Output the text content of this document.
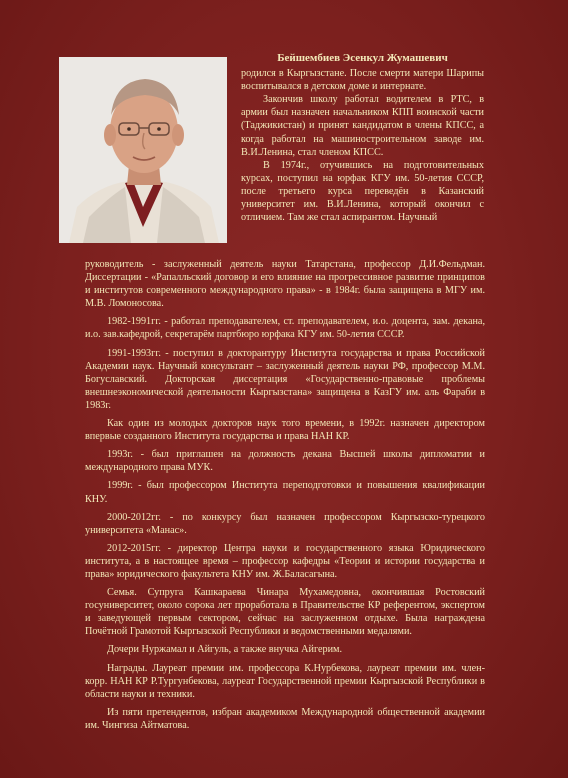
Бейшембиев Эсенкул Жумашевич

родился в Кыргызстане. После смерти матери Шарипы воспитывался в детском доме и интернате.

Закончив школу работал водителем в РТС, в армии был назначен начальником КПП воинской части (Таджикистан) и принят кандидатом в члены КПСС, а когда работал на машиностроительном заводе им. В.И.Ленина, стал членом КПСС.

В 1974г., отучившись на подготовительных курсах, поступил на юрфак КГУ им. 50-летия СССР, после третьего курса переведён в Казанский университет им. В.И.Ленина, который окончил с отличием. Там же стал аспирантом. Научный

руководитель - заслуженный деятель науки Татарстана, профессор Д.И.Фельдман. Диссертации - «Рапалльский договор и его влияние на прогрессивное развитие принципов и институтов современного международного права» - в 1984г. была защищена в МГУ им. М.В. Ломоносова.

1982-1991гг. - работал преподавателем, ст. преподавателем, и.о. доцента, зам. декана, и.о. зав.кафедрой, секретарём партбюро юрфака КГУ им. 50-летия СССР.

1991-1993гг. - поступил в докторантуру Института государства и права Российской Академии наук. Научный консультант – заслуженный деятель науки РФ, профессор М.М. Богуславский. Докторская диссертация «Государственно-правовые проблемы внешнеэкономической деятельности Кыргызстана» защищена в КазГУ им. аль Фараби в 1983г.

Как один из молодых докторов наук того времени, в 1992г. назначен директором впервые созданного Института государства и права НАН КР.

1993г. - был приглашен на должность декана Высшей школы дипломатии и международного права МУК.

1999г. - был профессором Института переподготовки и повышения квалификации КНУ.

2000-2012гг. - по конкурсу был назначен профессором Кыргызско-турецкого университета «Манас».

2012-2015гг. - директор Центра науки и государственного языка Юридического института, а в настоящее время – профессор кафедры «Теории и истории государства и права» юридического факультета КНУ им. Ж.Баласагына.

Семья. Супруга Кашкараева Чинара Мухамедовна, окончившая Ростовский госуниверситет, около сорока лет проработала в Правительстве КР референтом, экспертом и заведующей первым сектором, сейчас на заслуженном отдыхе. Была награждена Почётной Грамотой Кыргызской Республики и ведомственными медалями.

Дочери Нуржамал и Айгуль, а также внучка Айгерим.

Награды. Лауреат премии им. профессора К.Нурбекова, лауреат премии им. член-корр. НАН КР Р.Тургунбекова, лауреат Государственной премии Кыргызской Республики в области науки и техники.

Из пяти претендентов, избран академиком Международной общественной академии им. Чингиза Айтматова.
